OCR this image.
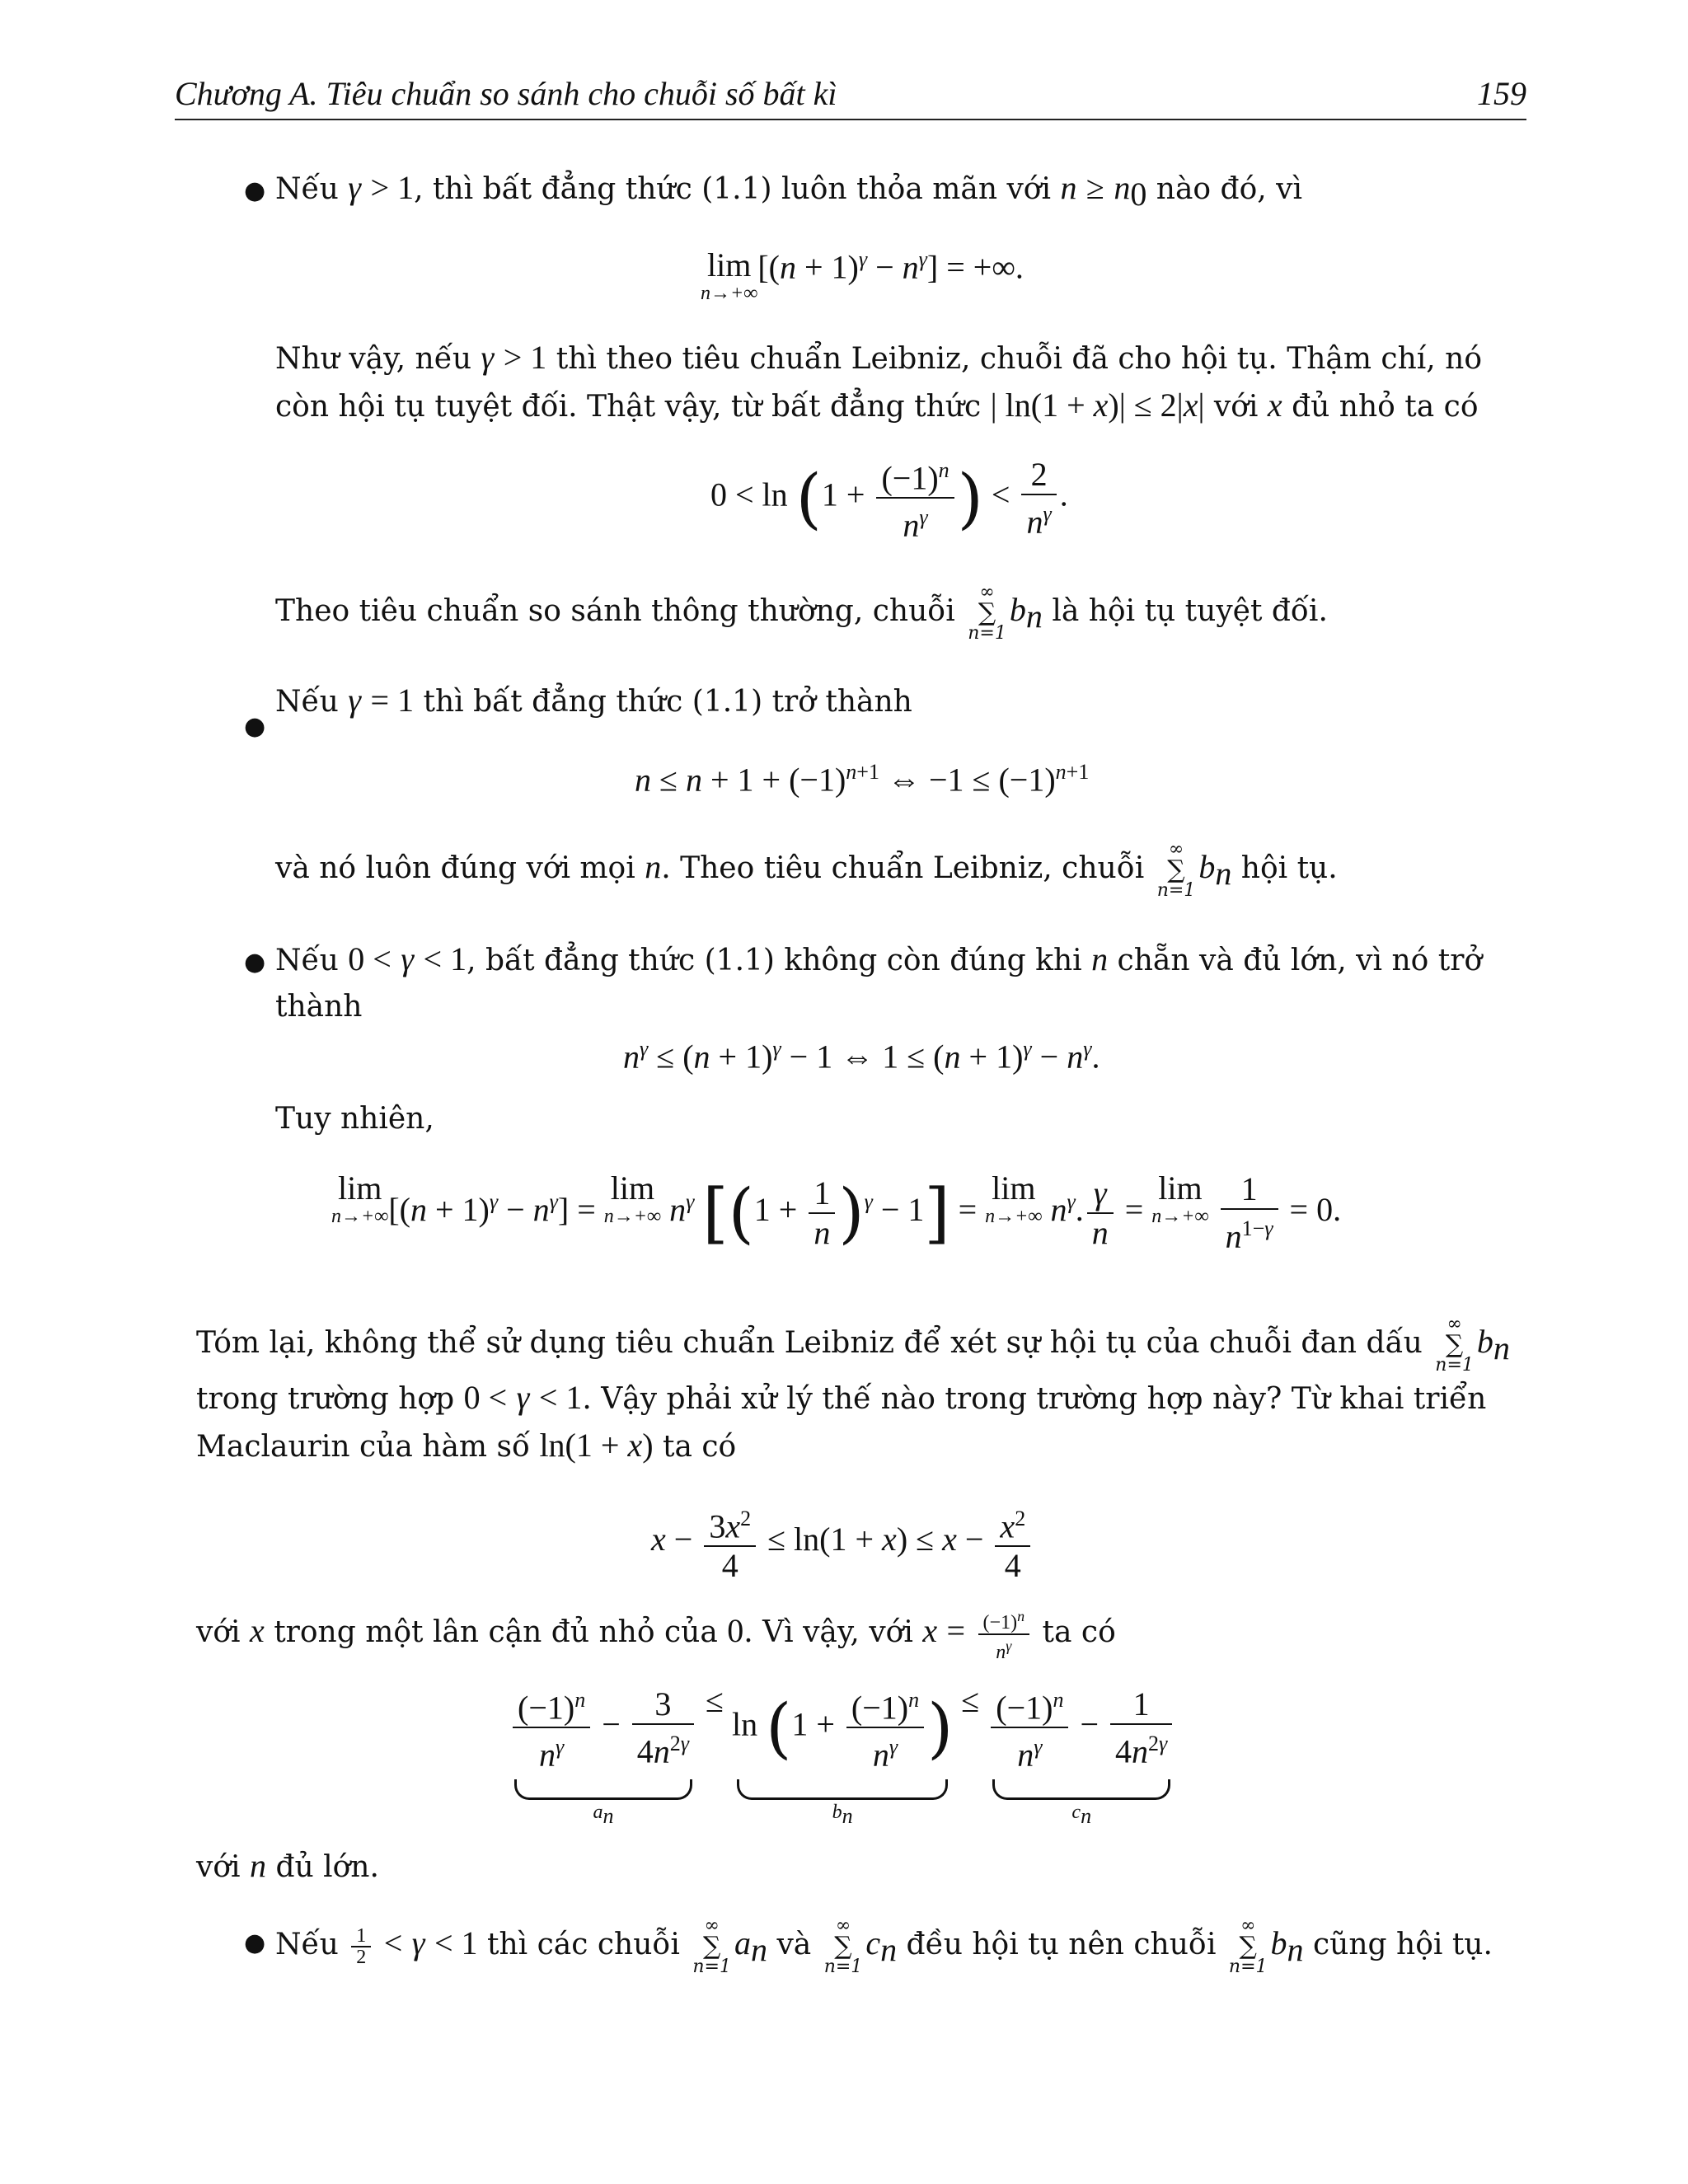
Chương A. Tiêu chuẩn so sánh cho chuỗi số bất kì	159
● Nếu γ > 1, thì bất đẳng thức (1.1) luôn thỏa mãn với $n \ge n_0$ nào đó, vì
lim
n→+∞
$[(n + 1)^\gamma - n^\gamma]$ = +∞.
Như vậy, nếu γ > 1 thì theo tiêu chuẩn Leibniz, chuỗi đã cho hội tụ. Thậm chí, nó
còn hội tụ tuyệt đối. Thật vậy, từ bất đẳng thức | ln(1 + x)| ≤ 2|x| với x đủ nhỏ ta có
$0 < \ln (1 + \frac{(-1)^n}{n^\gamma}$ ) < $\frac{2}{n^\gamma}$ .
Theo tiêu chuẩn so sánh thông thường, chuỗi ∞
∑
$n=1b_n$ là hội tụ tuyệt đối.
●
Nếu γ = 1 thì bất đẳng thức (1.1) trở thành
$n \le n + 1 + (-1)^{n+1}$ ⇔ $-1 \le (-1)^{n+1}$
và nó luôn đúng với mọi n. Theo tiêu chuẩn Leibniz, chuỗi ∞
∑
$n=1b_n$ hội tụ.
● Nếu 0 < γ < 1, bất đẳng thức (1.1) không còn đúng khi n chẵn và đủ lớn, vì nó trở
thành
$n^\gamma \le (n + 1)^\gamma - 1$ ⇔ $1 \le (n + 1)^\gamma - n^\gamma$.
Tuy nhiên,
lim
n→+∞ $[(n + 1)^\gamma - n^\gamma]$ =
lim
n→+∞ $n^\gamma$ $[(1 + \frac{1}{n} )^\gamma - 1]$ =
lim
n→+∞ $n^\gamma$. $\frac{\gamma}{n}$ =
lim
n→+∞
$\frac{1}{n^{1-\gamma}} = 0$.
Tóm lại, không thể sử dụng tiêu chuẩn Leibniz để xét sự hội tụ của chuỗi đan dấu ∞
∑
$n=1b_n$
trong trường hợp 0 < γ < 1. Vậy phải xử lý thế nào trong trường hợp này? Từ khai triển
Maclaurin của hàm số ln(1 + x) ta có
$x - \frac{3x^2}{4} \le \ln(1 + x) \le x - \frac{x^2}{4}$
với x trong một lân cận đủ nhỏ của 0. Vì vậy, với $x = \frac{(-1)^n}{n^\gamma}$ ta có
$\frac{(-1)^n}{n^\gamma} - \frac{3}{4n^{2\gamma}}$
$a_n$
≤ $\ln (1 + \frac{(-1)^n}{n^\gamma}$ )
$b_n$
≤ $\frac{(-1)^n}{n^\gamma} - \frac{1}{4n^{2\gamma}}$
$c_n$
với n đủ lớn.
● Nếu $\frac{1}{2} < \gamma < 1$ thì các chuỗi ∞
∑
$n=1a_n$ và ∞
∑
$n=1c_n$ đều hội tụ nên chuỗi ∞
∑
$n=1b_n$ cũng hội tụ.
